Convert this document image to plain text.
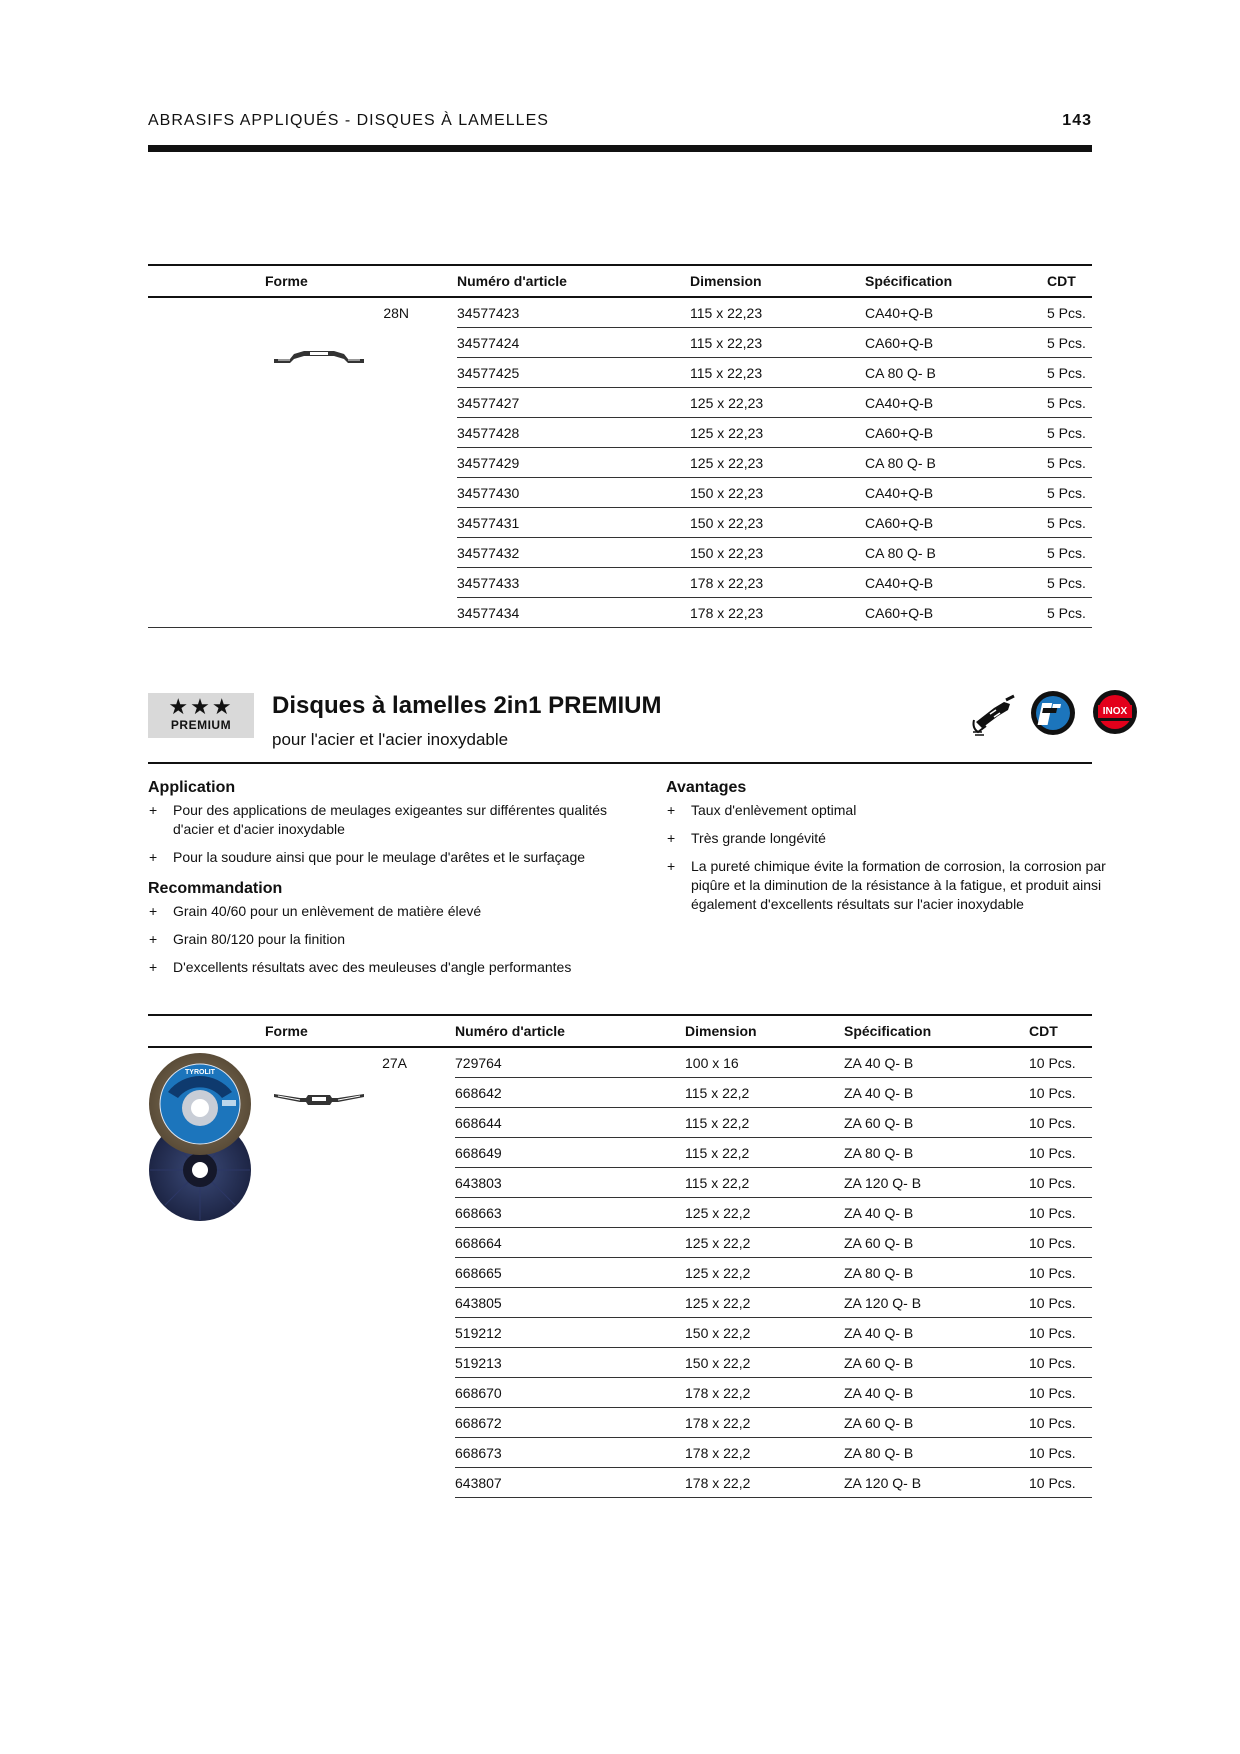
ABRASIFS APPLIQUÉS - DISQUES À LAMELLES	143
	Forme	Numéro d'article	Dimension	Spécification	CDT
	28N	34577423	115 x 22,23	CA40+Q-B	5 Pcs.
		34577424	115 x 22,23	CA60+Q-B	5 Pcs.
		34577425	115 x 22,23	CA 80 Q- B	5 Pcs.
		34577427	125 x 22,23	CA40+Q-B	5 Pcs.
		34577428	125 x 22,23	CA60+Q-B	5 Pcs.
		34577429	125 x 22,23	CA 80 Q- B	5 Pcs.
		34577430	150 x 22,23	CA40+Q-B	5 Pcs.
		34577431	150 x 22,23	CA60+Q-B	5 Pcs.
		34577432	150 x 22,23	CA 80 Q- B	5 Pcs.
		34577433	178 x 22,23	CA40+Q-B	5 Pcs.
		34577434	178 x 22,23	CA60+Q-B	5 Pcs.
★★★
PREMIUM
Disques à lamelles 2in1 PREMIUM
pour l'acier et l'acier inoxydable
INOX
Application
+ Pour des applications de meulages exigeantes sur différentes qualités d'acier et d'acier inoxydable
+ Pour la soudure ainsi que pour le meulage d'arêtes et le surfaçage
Recommandation
+ Grain 40/60 pour un enlèvement de matière élevé
+ Grain 80/120 pour la finition
+ D'excellents résultats avec des meuleuses d'angle performantes
Avantages
+ Taux d'enlèvement optimal
+ Très grande longévité
+ La pureté chimique évite la formation de corrosion, la corrosion par piqûre et la diminution de la résistance à la fatigue, et produit ainsi également d'excellents résultats sur l'acier inoxydable
	Forme	Numéro d'article	Dimension	Spécification	CDT
	27A	729764	100 x 16	ZA 40 Q- B	10 Pcs.
		668642	115 x 22,2	ZA 40 Q- B	10 Pcs.
		668644	115 x 22,2	ZA 60 Q- B	10 Pcs.
		668649	115 x 22,2	ZA 80 Q- B	10 Pcs.
		643803	115 x 22,2	ZA 120 Q- B	10 Pcs.
		668663	125 x 22,2	ZA 40 Q- B	10 Pcs.
		668664	125 x 22,2	ZA 60 Q- B	10 Pcs.
		668665	125 x 22,2	ZA 80 Q- B	10 Pcs.
		643805	125 x 22,2	ZA 120 Q- B	10 Pcs.
		519212	150 x 22,2	ZA 40 Q- B	10 Pcs.
		519213	150 x 22,2	ZA 60 Q- B	10 Pcs.
		668670	178 x 22,2	ZA 40 Q- B	10 Pcs.
		668672	178 x 22,2	ZA 60 Q- B	10 Pcs.
		668673	178 x 22,2	ZA 80 Q- B	10 Pcs.
		643807	178 x 22,2	ZA 120 Q- B	10 Pcs.
TYROLIT
